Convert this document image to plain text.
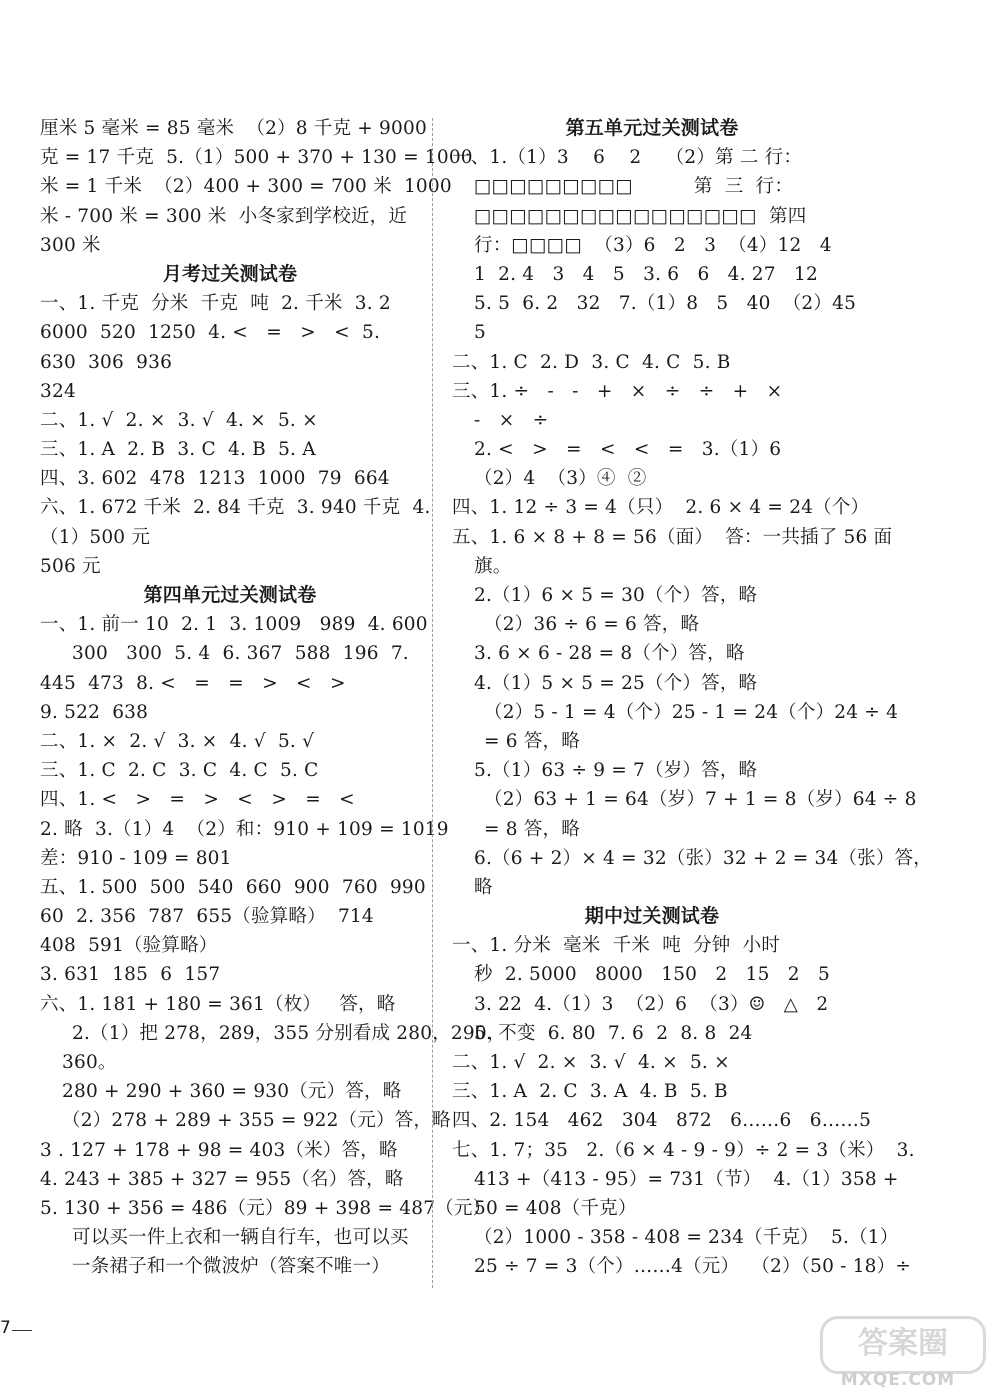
厘米 5 毫米 = 85 毫米  （2）8 千克 + 9000
克 = 17 千克  5.（1）500 + 370 + 130 = 1000
米 = 1 千米  （2）400 + 300 = 700 米  1000
米 - 700 米 = 300 米  小冬家到学校近，近
300 米
月考过关测试卷
一、1. 千克  分米  千克  吨  2. 千米  3. 2
6000  520  1250  4. <   =   >   <  5.
630  306  936
324
二、1. √  2. ×  3. √  4. ×  5. ×
三、1. A  2. B  3. C  4. B  5. A
四、3. 602  478  1213  1000  79  664
六、1. 672 千米  2. 84 千克  3. 940 千克  4.
（1）500 元
506 元
第四单元过关测试卷
一、1. 前一 10  2. 1  3. 1009   989  4. 600
300   300  5. 4  6. 367  588  196  7.
445  473  8. <   =   =   >   <   >
9. 522  638
二、1. ×  2. √  3. ×  4. √  5. √
三、1. C  2. C  3. C  4. C  5. C
四、1. <   >   =   >   <   >   =   <
2. 略  3.（1）4  （2）和：910 + 109 = 1019
差：910 - 109 = 801
五、1. 500  500  540  660  900  760  990
60  2. 356  787  655（验算略）  714
408  591（验算略）
3. 631  185  6  157
六、1. 181 + 180 = 361（枚）   答，略
2.（1）把 278，289，355 分别看成 280，290，
360。
280 + 290 + 360 = 930（元）答，略
（2）278 + 289 + 355 = 922（元）答，略
3 . 127 + 178 + 98 = 403（米）答，略
4. 243 + 385 + 327 = 955（名）答，略
5. 130 + 356 = 486（元）89 + 398 = 487（元）
可以买一件上衣和一辆自行车，也可以买
一条裙子和一个微波炉（答案不唯一）
第五单元过关测试卷
一、1.（1）3    6    2    （2）第 二 行：
□□□□□□□□□          第  三  行：
□□□□□□□□□□□□□□□□  第四
行：□□□□  （3）6   2   3  （4）12   4
1  2. 4   3   4   5   3. 6   6   4. 27   12
5. 5  6. 2   32   7.（1）8   5   40  （2）45
5
二、1. C  2. D  3. C  4. C  5. B
三、1. ÷   -   -   +   ×   ÷   ÷   +   ×
-   ×   ÷
2. <   >   =   <   <   =   3.（1）6
（2）4  （3）④  ②
四、1. 12 ÷ 3 = 4（只）  2. 6 × 4 = 24（个）
五、1. 6 × 8 + 8 = 56（面）  答：一共插了 56 面
旗。
2.（1）6 × 5 = 30（个）答，略
（2）36 ÷ 6 = 6 答，略
3. 6 × 6 - 28 = 8（个）答，略
4.（1）5 × 5 = 25（个）答，略
（2）5 - 1 = 4（个）25 - 1 = 24（个）24 ÷ 4
= 6 答，略
5.（1）63 ÷ 9 = 7（岁）答，略
（2）63 + 1 = 64（岁）7 + 1 = 8（岁）64 ÷ 8
= 8 答，略
6.（6 + 2）× 4 = 32（张）32 + 2 = 34（张）答，
略
期中过关测试卷
一、1. 分米  毫米  千米  吨  分钟  小时
秒  2. 5000   8000   150   2   15   2   5
3. 22  4.（1）3  （2）6  （3）☺   △   2
5. 不变  6. 80  7. 6  2  8. 8  24
二、1. √  2. ×  3. √  4. ×  5. ×
三、1. A  2. C  3. A  4. B  5. B
四、2. 154   462   304   872   6……6   6……5
七、1. 7；35   2.（6 × 4 - 9 - 9）÷ 2 = 3（米）  3.
413 +（413 - 95）= 731（节）  4.（1）358 +
50 = 408（千克）
（2）1000 - 358 - 408 = 234（千克）  5.（1）
25 ÷ 7 = 3（个）……4（元）  （2）（50 - 18）÷
7	答案圈
MXQE.COM
